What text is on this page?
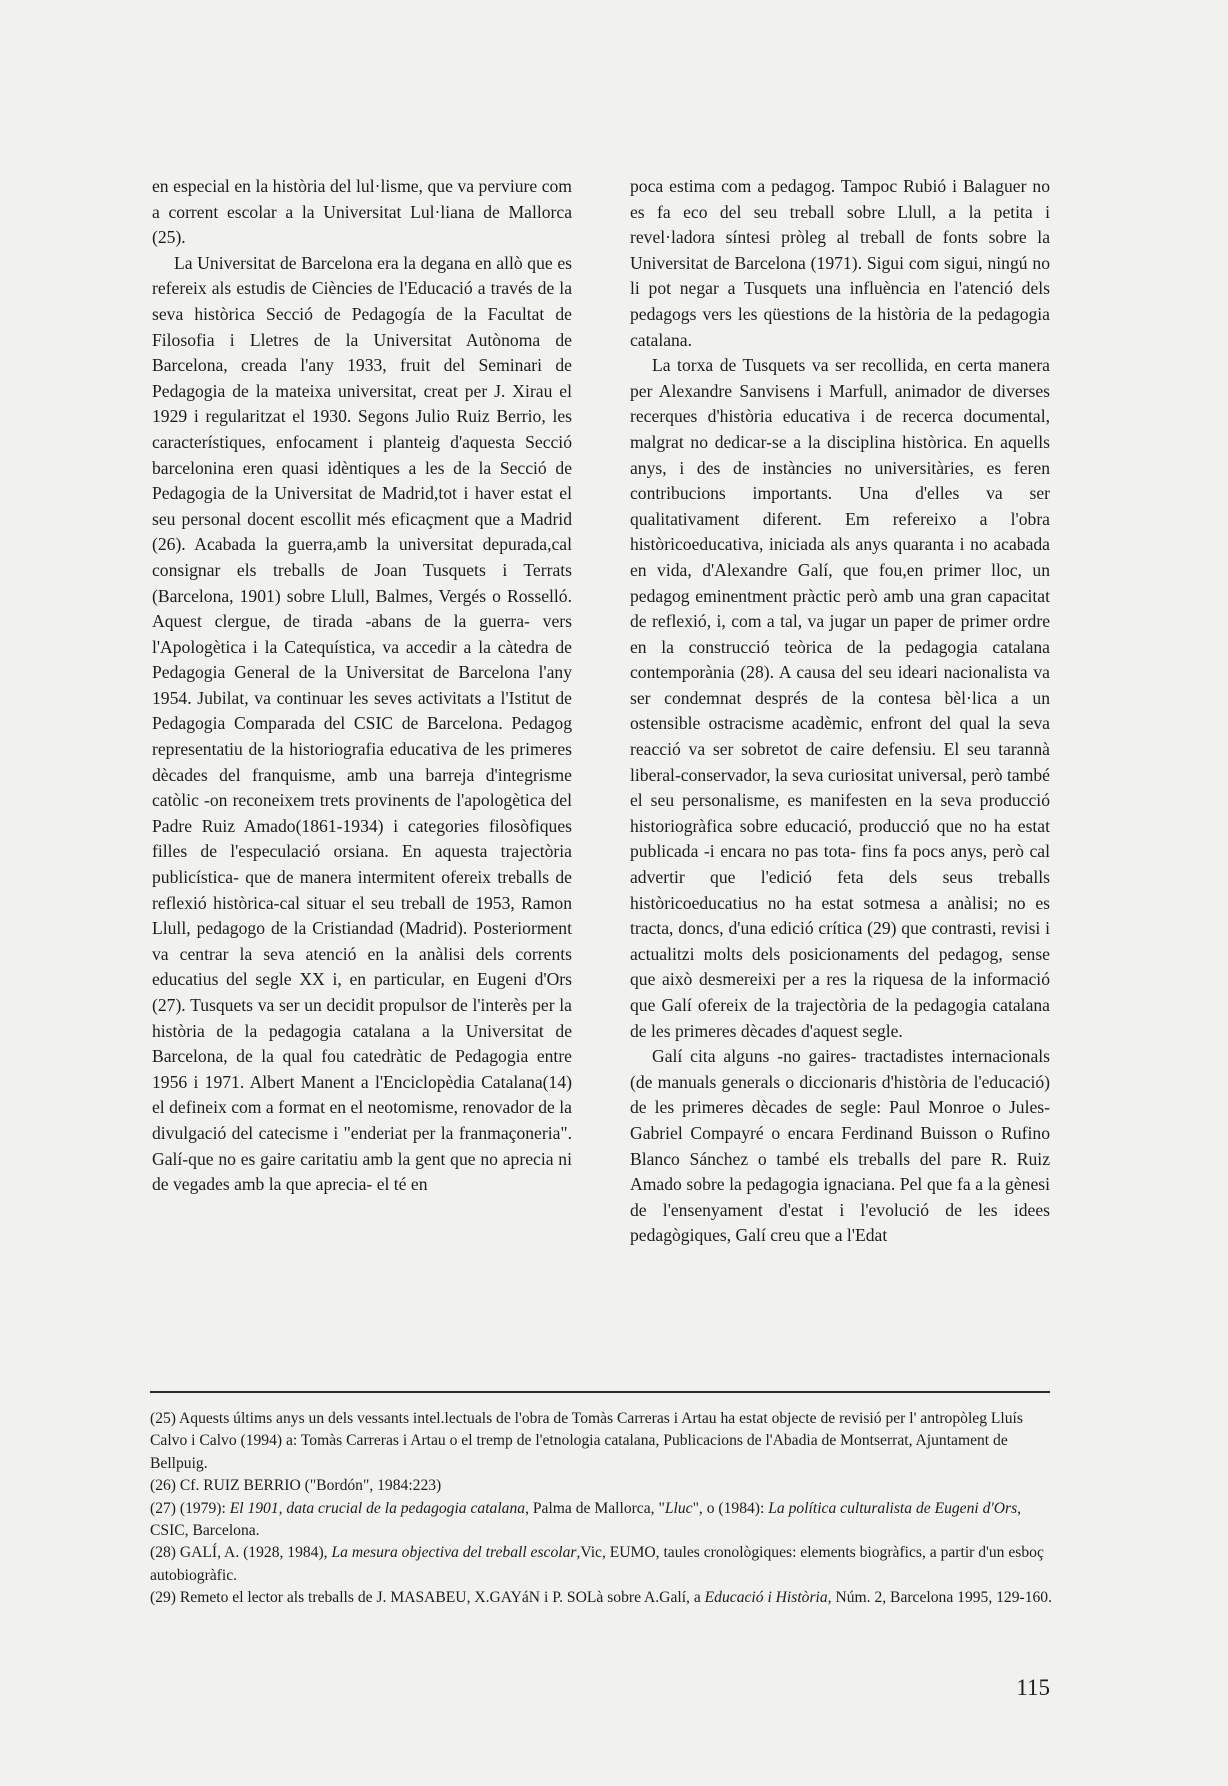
en especial en la història del lul·lisme, que va perviure com a corrent escolar a la Universitat Lul·liana de Mallorca (25).

La Universitat de Barcelona era la degana en allò que es refereix als estudis de Ciències de l'Educació a través de la seva històrica Secció de Pedagogía de la Facultat de Filosofia i Lletres de la Universitat Autònoma de Barcelona, creada l'any 1933, fruit del Seminari de Pedagogia de la mateixa universitat, creat per J. Xirau el 1929 i regularitzat el 1930. Segons Julio Ruiz Berrio, les característiques, enfocament i planteig d'aquesta Secció barcelonina eren quasi idèntiques a les de la Secció de Pedagogia de la Universitat de Madrid,tot i haver estat el seu personal docent escollit més eficaçment que a Madrid (26). Acabada la guerra,amb la universitat depurada,cal consignar els treballs de Joan Tusquets i Terrats (Barcelona, 1901) sobre Llull, Balmes, Vergés o Rosselló. Aquest clergue, de tirada -abans de la guerra- vers l'Apologètica i la Catequística, va accedir a la càtedra de Pedagogia General de la Universitat de Barcelona l'any 1954. Jubilat, va continuar les seves activitats a l'Istitut de Pedagogia Comparada del CSIC de Barcelona. Pedagog representatiu de la historiografia educativa de les primeres dècades del franquisme, amb una barreja d'integrisme catòlic -on reconeixem trets provinents de l'apologètica del Padre Ruiz Amado(1861-1934) i categories filosòfiques filles de l'especulació orsiana. En aquesta trajectòria publicística- que de manera intermitent ofereix treballs de reflexió històrica-cal situar el seu treball de 1953, Ramon Llull, pedagogo de la Cristiandad (Madrid). Posteriorment va centrar la seva atenció en la anàlisi dels corrents educatius del segle XX i, en particular, en Eugeni d'Ors (27). Tusquets va ser un decidit propulsor de l'interès per la història de la pedagogia catalana a la Universitat de Barcelona, de la qual fou catedràtic de Pedagogia entre 1956 i 1971. Albert Manent a l'Enciclopèdia Catalana(14) el defineix com a format en el neotomisme, renovador de la divulgació del catecisme i "enderiat per la franmaçoneria". Galí-que no es gaire caritatiu amb la gent que no aprecia ni de vegades amb la que aprecia- el té en

poca estima com a pedagog. Tampoc Rubió i Balaguer no es fa eco del seu treball sobre Llull, a la petita i revel·ladora síntesi pròleg al treball de fonts sobre la Universitat de Barcelona (1971). Sigui com sigui, ningú no li pot negar a Tusquets una influència en l'atenció dels pedagogs vers les qüestions de la història de la pedagogia catalana.

La torxa de Tusquets va ser recollida, en certa manera per Alexandre Sanvisens i Marfull, animador de diverses recerques d'història educativa i de recerca documental, malgrat no dedicar-se a la disciplina històrica. En aquells anys, i des de instàncies no universitàries, es feren contribucions importants. Una d'elles va ser qualitativament diferent. Em refereixo a l'obra històricoeducativa, iniciada als anys quaranta i no acabada en vida, d'Alexandre Galí, que fou,en primer lloc, un pedagog eminentment pràctic però amb una gran capacitat de reflexió, i, com a tal, va jugar un paper de primer ordre en la construcció teòrica de la pedagogia catalana contemporània (28). A causa del seu ideari nacionalista va ser condemnat després de la contesa bèl·lica a un ostensible ostracisme acadèmic, enfront del qual la seva reacció va ser sobretot de caire defensiu. El seu tarannà liberal-conservador, la seva curiositat universal, però també el seu personalisme, es manifesten en la seva producció historiogràfica sobre educació, producció que no ha estat publicada -i encara no pas tota- fins fa pocs anys, però cal advertir que l'edició feta dels seus treballs històricoeducatius no ha estat sotmesa a anàlisi; no es tracta, doncs, d'una edició crítica (29) que contrasti, revisi i actualitzi molts dels posicionaments del pedagog, sense que això desmereixi per a res la riquesa de la informació que Galí ofereix de la trajectòria de la pedagogia catalana de les primeres dècades d'aquest segle.

Galí cita alguns -no gaires- tractadistes internacionals (de manuals generals o diccionaris d'història de l'educació) de les primeres dècades de segle: Paul Monroe o Jules-Gabriel Compayré o encara Ferdinand Buisson o Rufino Blanco Sánchez o també els treballs del pare R. Ruiz Amado sobre la pedagogia ignaciana. Pel que fa a la gènesi de l'ensenyament d'estat i l'evolució de les idees pedagògiques, Galí creu que a l'Edat

(25) Aquests últims anys un dels vessants intel.lectuals de l'obra de Tomàs Carreras i Artau ha estat objecte de revisió per l' antropòleg Lluís Calvo i Calvo (1994) a: Tomàs Carreras i Artau o el tremp de l'etnologia catalana, Publicacions de l'Abadia de Montserrat, Ajuntament de Bellpuig.

(26) Cf. RUIZ BERRIO ("Bordón", 1984:223)

(27) (1979): El 1901, data crucial de la pedagogia catalana, Palma de Mallorca, "Lluc", o (1984): La política culturalista de Eugeni d'Ors, CSIC, Barcelona.

(28) GALÍ, A. (1928, 1984), La mesura objectiva del treball escolar,Vic, EUMO, taules cronològiques: elements biogràfics, a partir d'un esboç autobiogràfic.

(29) Remeto el lector als treballs de J. MASABEU, X.GAYáN i P. SOLà sobre A.Galí, a Educació i Història, Núm. 2, Barcelona 1995, 129-160.

115
